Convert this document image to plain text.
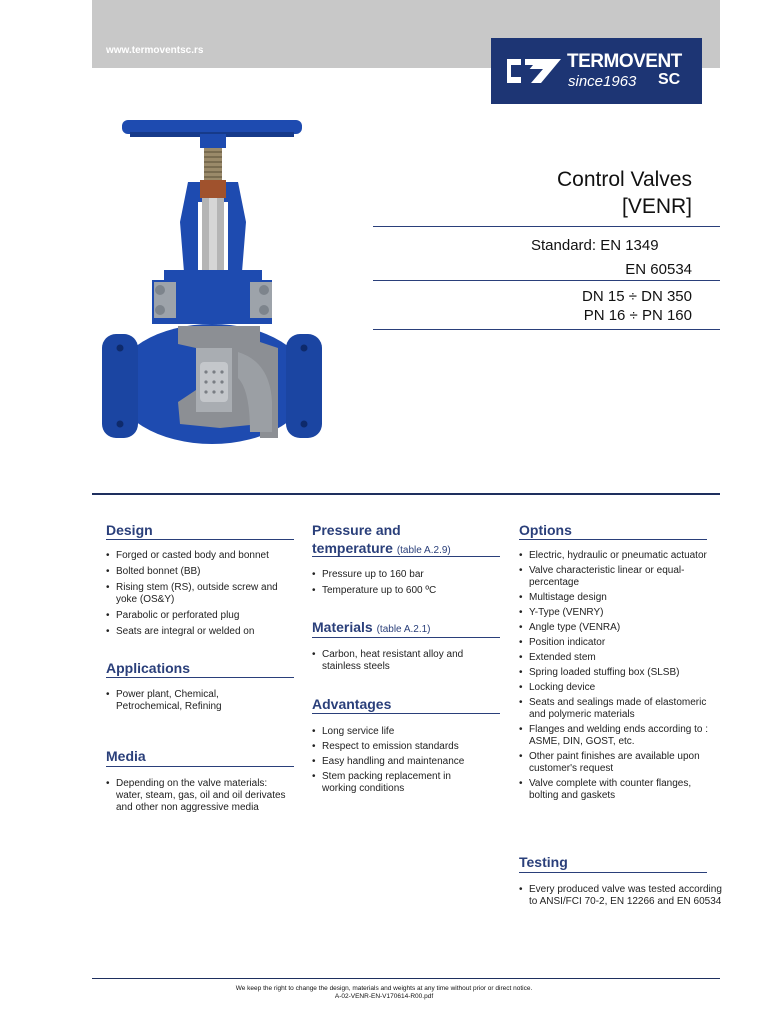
www.termoventsc.rs
TERMOVENT
since1963 SC
Control Valves
[VENR]
Standard: EN 1349
EN 60534
DN 15 ÷ DN 350
PN 16 ÷ PN 160
Design
• Forged or casted body and bonnet
• Bolted bonnet (BB)
• Rising stem (RS), outside screw and yoke (OS&Y)
• Parabolic or perforated plug
• Seats are integral or welded on
Applications
• Power plant, Chemical, Petrochemical, Refining
Media
• Depending on the valve materials: water, steam, gas, oil and oil derivates and other non aggressive media
Pressure and
temperature (table A.2.9)
• Pressure up to 160 bar
• Temperature up to 600 ºC
Materials (table A.2.1)
• Carbon, heat resistant alloy and stainless steels
Advantages
• Long service life
• Respect to emission standards
• Easy handling and maintenance
• Stem packing replacement in working conditions
Options
• Electric, hydraulic or pneumatic actuator
• Valve characteristic linear or equal-percentage
• Multistage design
• Y-Type (VENRY)
• Angle type (VENRA)
• Position indicator
• Extended stem
• Spring loaded stuffing box (SLSB)
• Locking device
• Seats and sealings made of elastomeric and polymeric materials
• Flanges and welding ends according to : ASME, DIN, GOST, etc.
• Other paint finishes are available upon customer's request
• Valve complete with counter flanges, bolting and gaskets
Testing
• Every produced valve was tested according to ANSI/FCI 70-2, EN 12266 and EN 60534
We keep the right to change the design, materials and weights at any time without prior or direct notice.
A-02-VENR-EN-V170614-R00.pdf
